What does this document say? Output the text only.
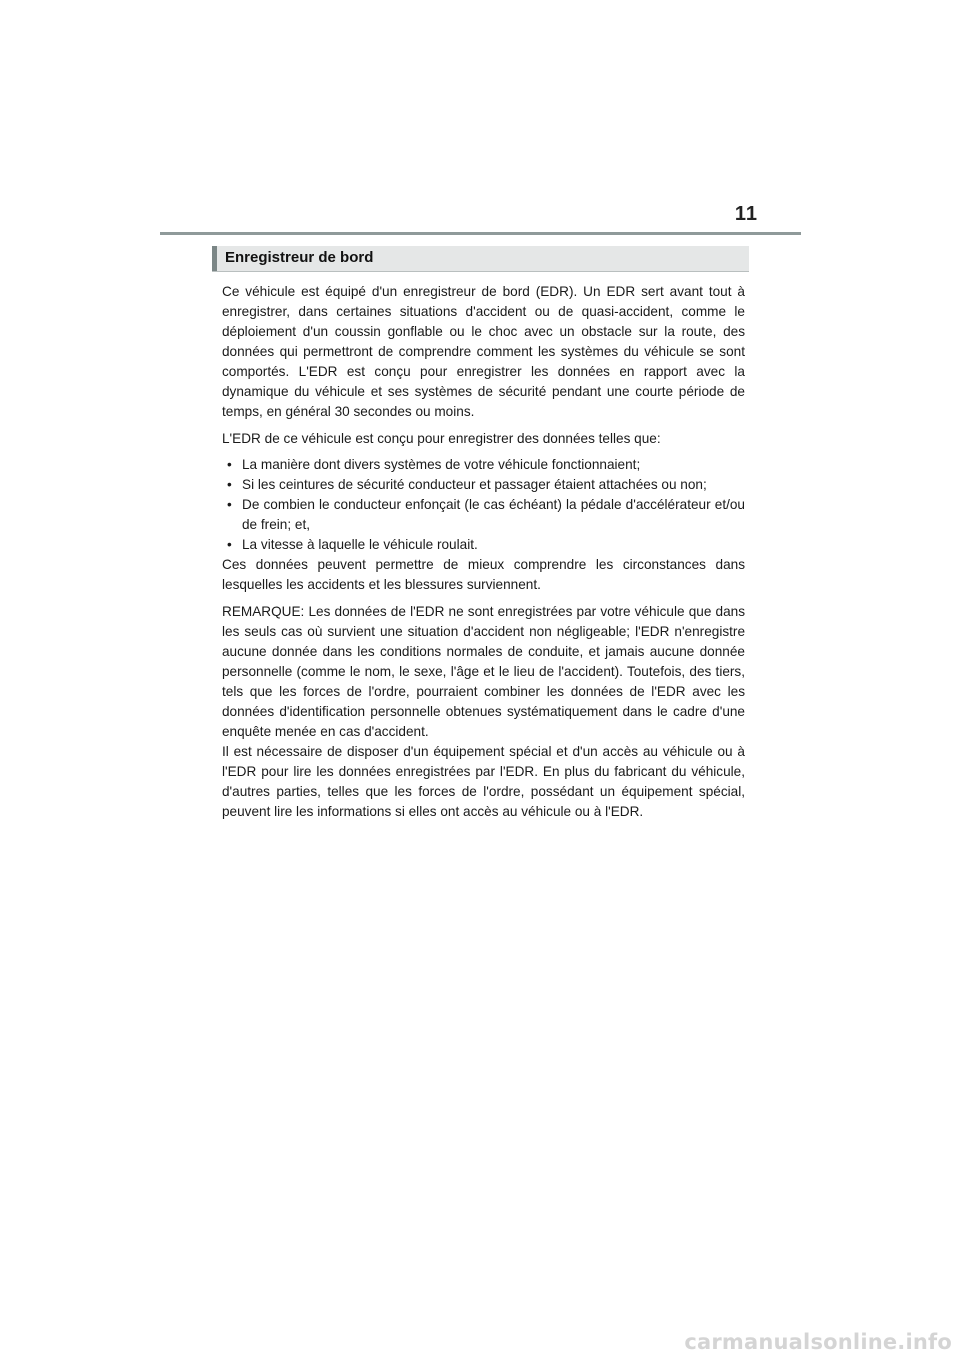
11
Enregistreur de bord

Ce véhicule est équipé d'un enregistreur de bord (EDR). Un EDR sert avant tout à enregistrer, dans certaines situations d'accident ou de quasi-accident, comme le déploiement d'un coussin gonflable ou le choc avec un obstacle sur la route, des données qui permettront de comprendre comment les systèmes du véhicule se sont comportés. L'EDR est conçu pour enregistrer les données en rapport avec la dynamique du véhicule et ses systèmes de sécurité pendant une courte période de temps, en général 30 secondes ou moins.

L'EDR de ce véhicule est conçu pour enregistrer des données telles que:

• La manière dont divers systèmes de votre véhicule fonctionnaient;
• Si les ceintures de sécurité conducteur et passager étaient attachées ou non;
• De combien le conducteur enfonçait (le cas échéant) la pédale d'accélérateur et/ou de frein; et,
• La vitesse à laquelle le véhicule roulait.

Ces données peuvent permettre de mieux comprendre les circonstances dans lesquelles les accidents et les blessures surviennent.

REMARQUE: Les données de l'EDR ne sont enregistrées par votre véhicule que dans les seuls cas où survient une situation d'accident non négligeable; l'EDR n'enregistre aucune donnée dans les conditions normales de conduite, et jamais aucune donnée personnelle (comme le nom, le sexe, l'âge et le lieu de l'accident). Toutefois, des tiers, tels que les forces de l'ordre, pourraient combiner les données de l'EDR avec les données d'identification personnelle obtenues systématiquement dans le cadre d'une enquête menée en cas d'accident.

Il est nécessaire de disposer d'un équipement spécial et d'un accès au véhicule ou à l'EDR pour lire les données enregistrées par l'EDR. En plus du fabricant du véhicule, d'autres parties, telles que les forces de l'ordre, possédant un équipement spécial, peuvent lire les informations si elles ont accès au véhicule ou à l'EDR.

carmanualsonline.info
